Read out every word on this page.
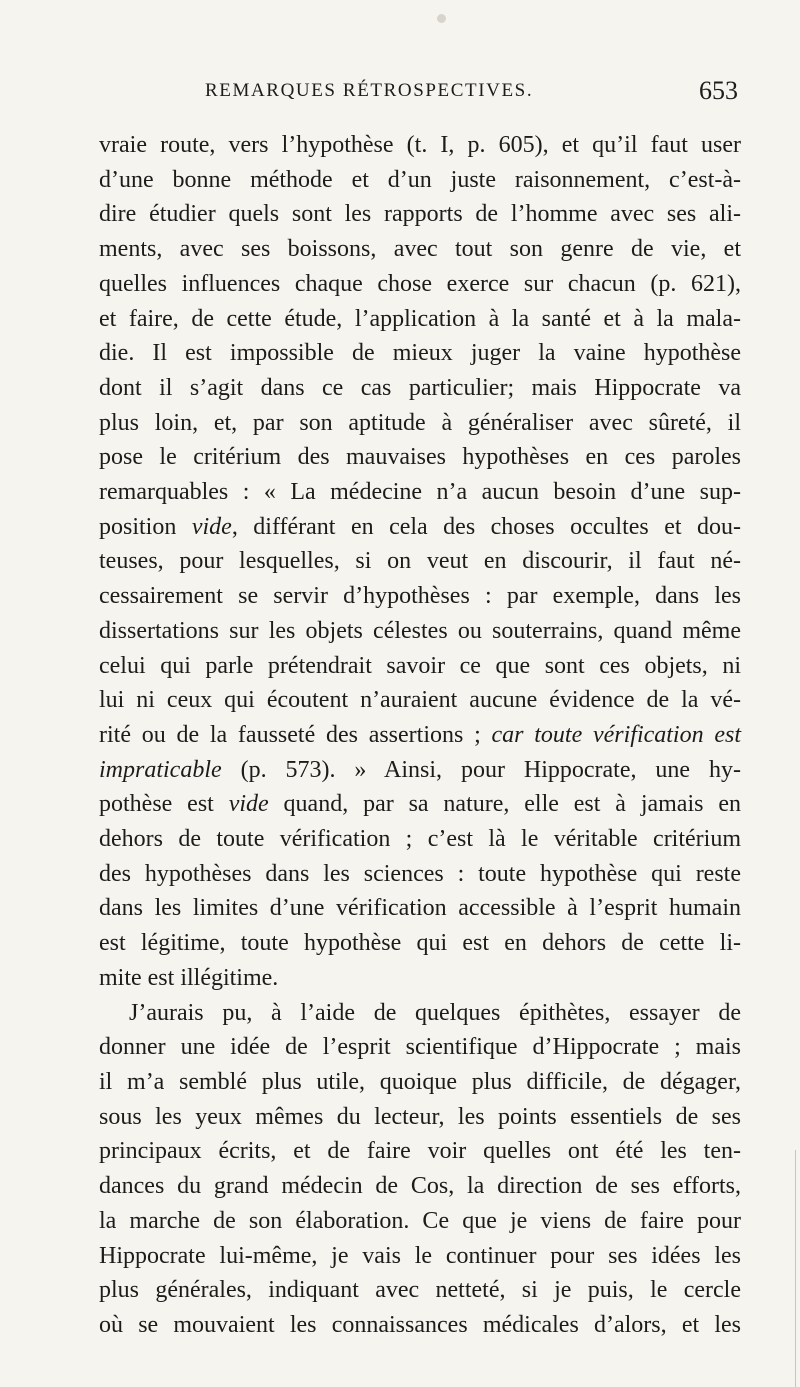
REMARQUES RÉTROSPECTIVES.	653
vraie route, vers l’hypothèse (t. I, p. 605), et qu’il faut user
d’une bonne méthode et d’un juste raisonnement, c’est-à-
dire étudier quels sont les rapports de l’homme avec ses ali-
ments, avec ses boissons, avec tout son genre de vie, et
quelles influences chaque chose exerce sur chacun (p. 621),
et faire, de cette étude, l’application à la santé et à la mala-
die. Il est impossible de mieux juger la vaine hypothèse
dont il s’agit dans ce cas particulier; mais Hippocrate va
plus loin, et, par son aptitude à généraliser avec sûreté, il
pose le critérium des mauvaises hypothèses en ces paroles
remarquables : « La médecine n’a aucun besoin d’une sup-
position vide, différant en cela des choses occultes et dou-
teuses, pour lesquelles, si on veut en discourir, il faut né-
cessairement se servir d’hypothèses : par exemple, dans les
dissertations sur les objets célestes ou souterrains, quand même
celui qui parle prétendrait savoir ce que sont ces objets, ni
lui ni ceux qui écoutent n’auraient aucune évidence de la vé-
rité ou de la fausseté des assertions ; car toute vérification est
impraticable (p. 573). » Ainsi, pour Hippocrate, une hy-
pothèse est vide quand, par sa nature, elle est à jamais en
dehors de toute vérification ; c’est là le véritable critérium
des hypothèses dans les sciences : toute hypothèse qui reste
dans les limites d’une vérification accessible à l’esprit humain
est légitime, toute hypothèse qui est en dehors de cette li-
mite est illégitime.
J’aurais pu, à l’aide de quelques épithètes, essayer de
donner une idée de l’esprit scientifique d’Hippocrate ; mais
il m’a semblé plus utile, quoique plus difficile, de dégager,
sous les yeux mêmes du lecteur, les points essentiels de ses
principaux écrits, et de faire voir quelles ont été les ten-
dances du grand médecin de Cos, la direction de ses efforts,
la marche de son élaboration. Ce que je viens de faire pour
Hippocrate lui-même, je vais le continuer pour ses idées les
plus générales, indiquant avec netteté, si je puis, le cercle
où se mouvaient les connaissances médicales d’alors, et les
